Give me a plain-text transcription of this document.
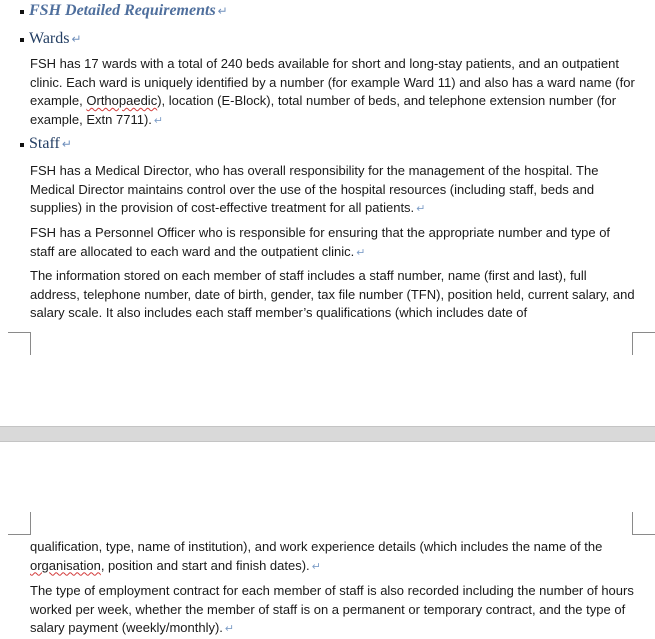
FSH Detailed Requirements ↵
Wards ↵
FSH has 17 wards with a total of 240 beds available for short and long-stay patients, and an outpatient clinic. Each ward is uniquely identified by a number (for example Ward 11) and also has a ward name (for example, Orthopaedic), location (E-Block), total number of beds, and telephone extension number (for example, Extn 7711). ↵
Staff ↵
FSH has a Medical Director, who has overall responsibility for the management of the hospital. The Medical Director maintains control over the use of the hospital resources (including staff, beds and supplies) in the provision of cost-effective treatment for all patients. ↵
FSH has a Personnel Officer who is responsible for ensuring that the appropriate number and type of staff are allocated to each ward and the outpatient clinic. ↵
The information stored on each member of staff includes a staff number, name (first and last), full address, telephone number, date of birth, gender, tax file number (TFN), position held, current salary, and salary scale. It also includes each staff member’s qualifications (which includes date of
qualification, type, name of institution), and work experience details (which includes the name of the organisation, position and start and finish dates). ↵
The type of employment contract for each member of staff is also recorded including the number of hours worked per week, whether the member of staff is on a permanent or temporary contract, and the type of salary payment (weekly/monthly). ↵
